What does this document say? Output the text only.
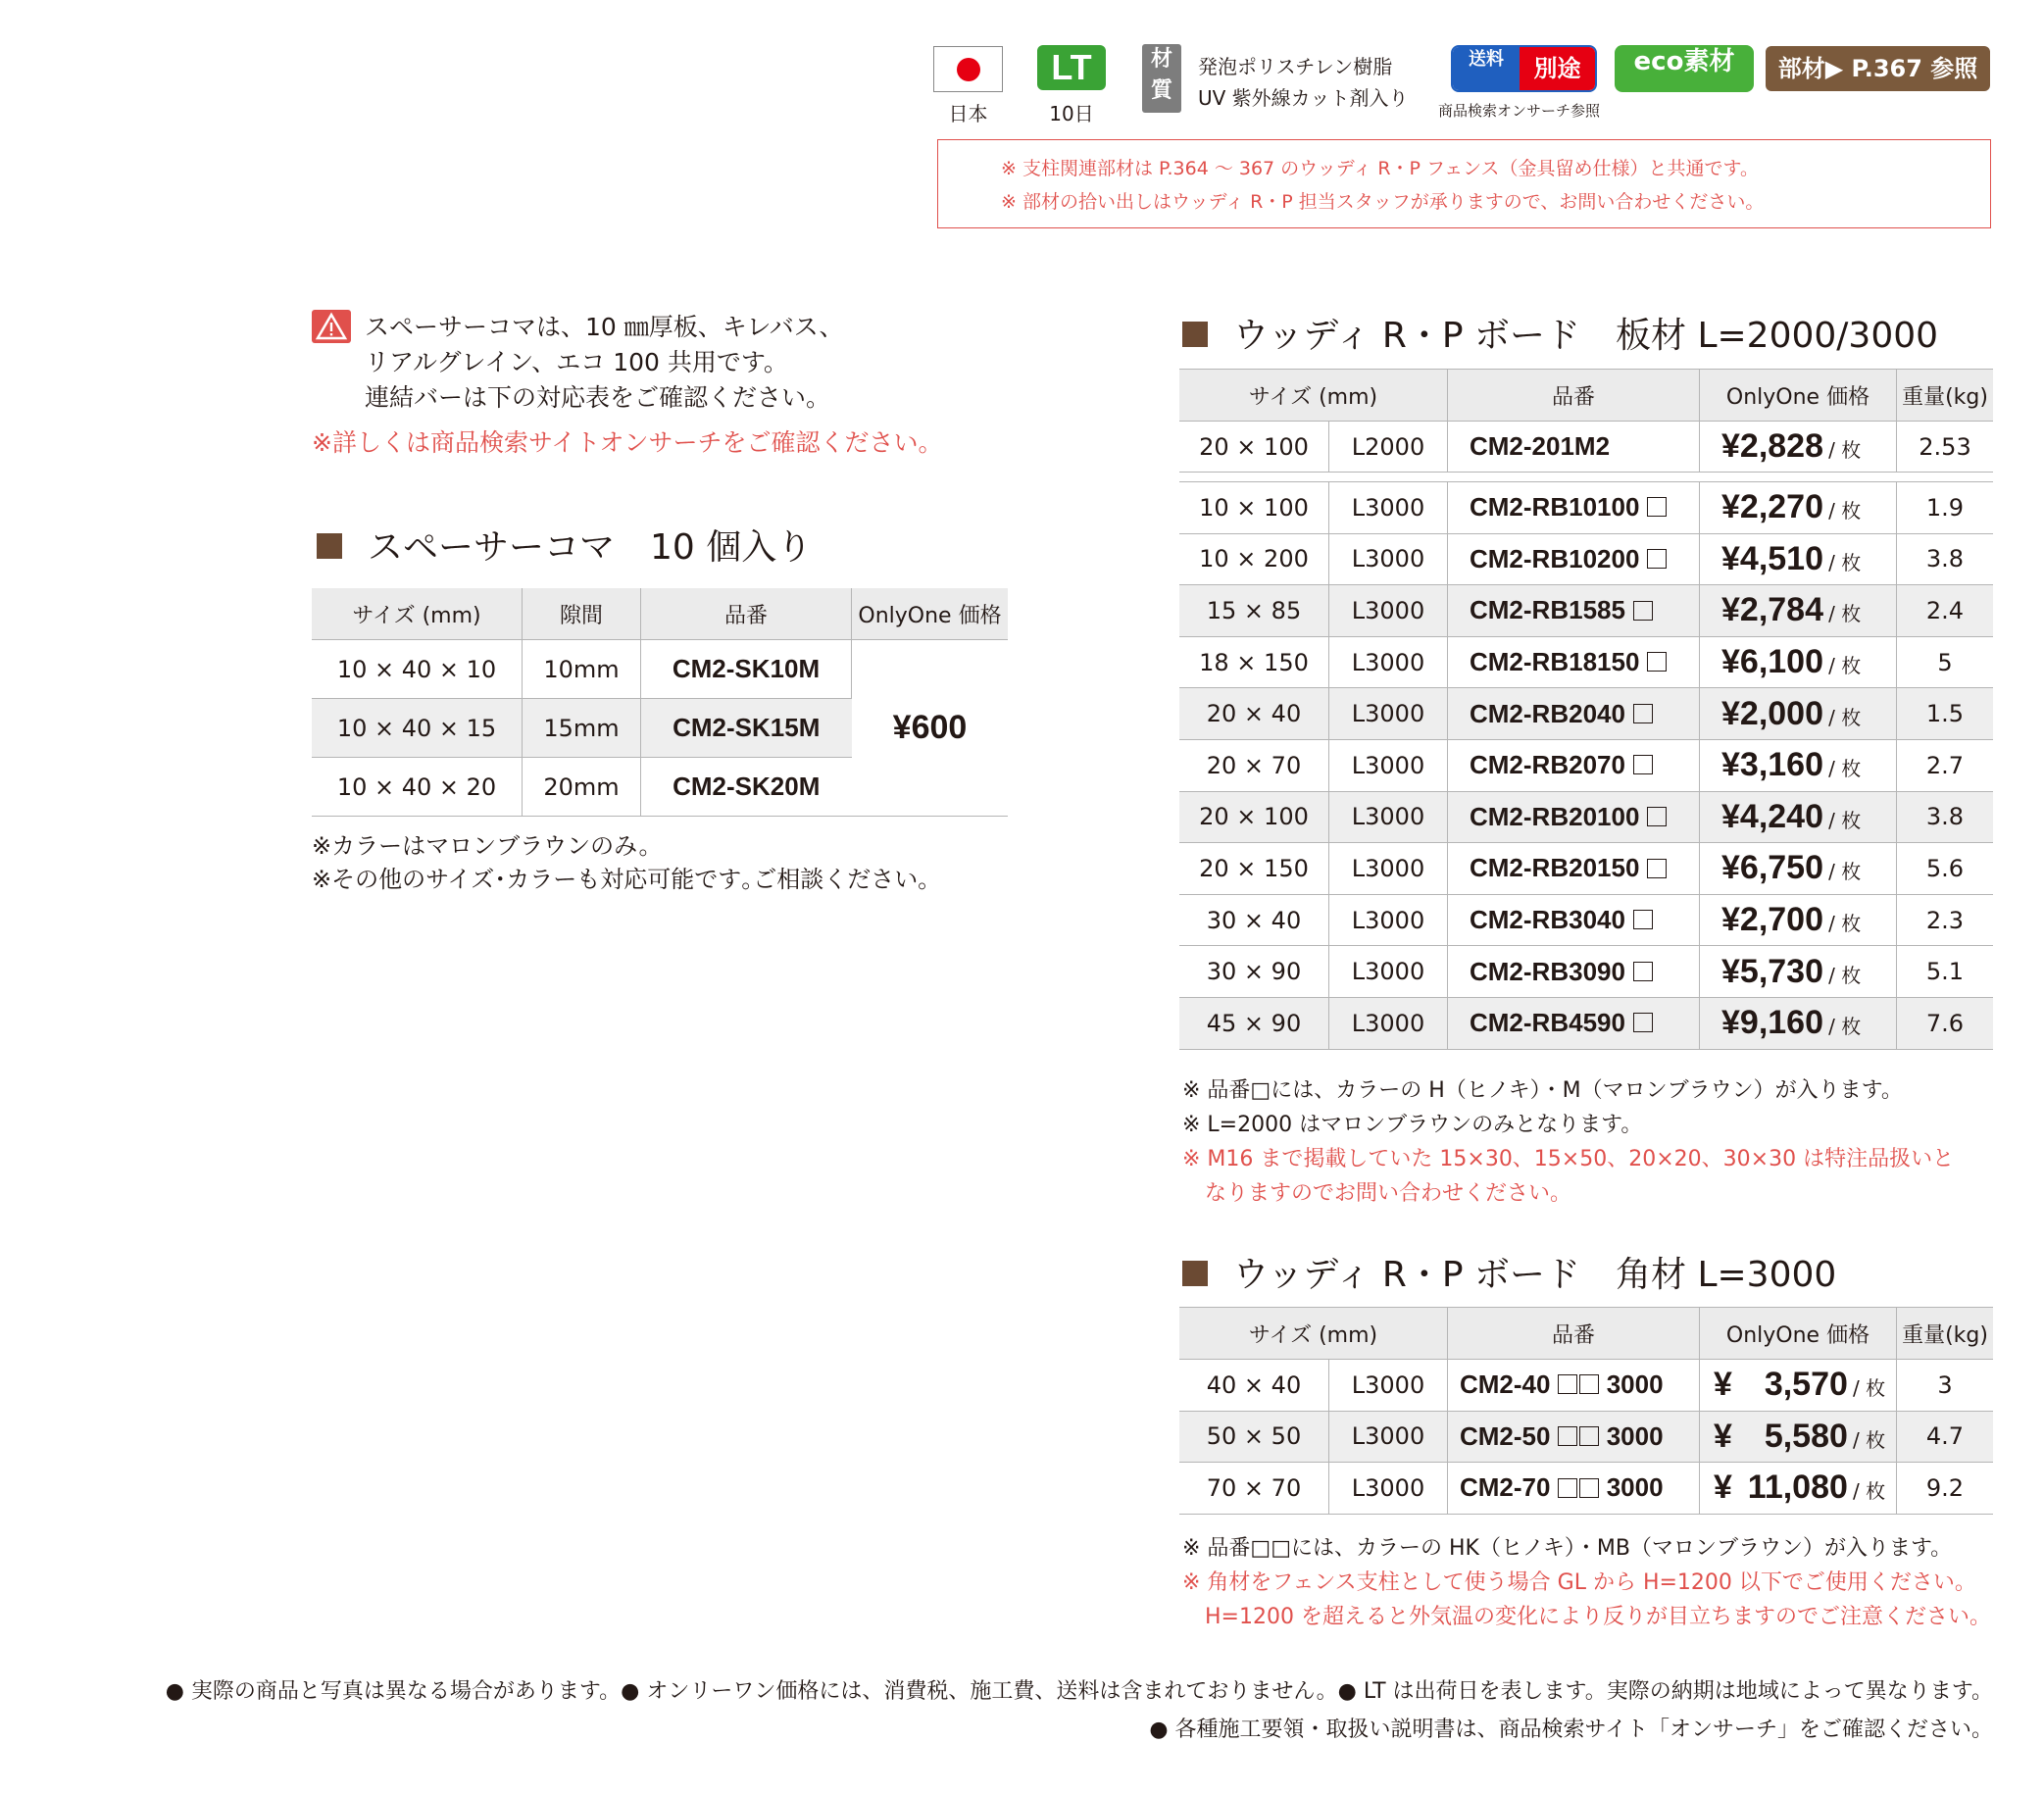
日本
LT
10日
材質
発泡ポリスチレン樹脂
UV 紫外線カット剤入り
送料	別途
商品検索オンサーチ参照
eco素材	部材▶ P.367 参照
※ 支柱関連部材は P.364 ～ 367 のウッディ R・P フェンス（金具留め仕様）と共通です。
※ 部材の拾い出しはウッディ R・P 担当スタッフが承りますので、お問い合わせください。
スペーサーコマは、10 ㎜厚板、キレバス、
リアルグレイン、エコ 100 共用です。
連結バーは下の対応表をご確認ください。
※詳しくは商品検索サイトオンサーチをご確認ください。
スペーサーコマ　10 個入り
サイズ (mm)	隙間	品番	OnlyOne 価格
10 × 40 × 10	10mm	CM2-SK10M	¥600
10 × 40 × 15	15mm	CM2-SK15M	
10 × 40 × 20	20mm	CM2-SK20M	
※カラーはマロンブラウンのみ。
※その他のサイズ･カラーも対応可能です｡ご相談ください。
ウッディ R・P ボード　板材 L=2000/3000
サイズ (mm)		品番	OnlyOne 価格	重量(kg)
20 × 100	L2000	CM2-201M2	¥2,828 / 枚	2.53
10 × 100	L3000	CM2-RB10100	¥2,270 / 枚	1.9
10 × 200	L3000	CM2-RB10200	¥4,510 / 枚	3.8
15 × 85	L3000	CM2-RB1585	¥2,784 / 枚	2.4
18 × 150	L3000	CM2-RB18150	¥6,100 / 枚	5
20 × 40	L3000	CM2-RB2040	¥2,000 / 枚	1.5
20 × 70	L3000	CM2-RB2070	¥3,160 / 枚	2.7
20 × 100	L3000	CM2-RB20100	¥4,240 / 枚	3.8
20 × 150	L3000	CM2-RB20150	¥6,750 / 枚	5.6
30 × 40	L3000	CM2-RB3040	¥2,700 / 枚	2.3
30 × 90	L3000	CM2-RB3090	¥5,730 / 枚	5.1
45 × 90	L3000	CM2-RB4590	¥9,160 / 枚	7.6
※ 品番□には、カラーの H（ヒノキ）・M（マロンブラウン）が入ります。
※ L=2000 はマロンブラウンのみとなります。
※ M16 まで掲載していた 15×30、15×50、20×20、30×30 は特注品扱いと
なりますのでお問い合わせください。
ウッディ R・P ボード　角材 L=3000
サイズ (mm)		品番	OnlyOne 価格	重量(kg)
40 × 40	L3000	CM2-40 3000	¥ 3,570 / 枚	3
50 × 50	L3000	CM2-50 3000	¥ 5,580 / 枚	4.7
70 × 70	L3000	CM2-70 3000	¥ 11,080 / 枚	9.2
※ 品番□□には、カラーの HK（ヒノキ）・MB（マロンブラウン）が入ります。
※ 角材をフェンス支柱として使う場合 GL から H=1200 以下でご使用ください。
H=1200 を超えると外気温の変化により反りが目立ちますのでご注意ください。
● 実際の商品と写真は異なる場合があります。● オンリーワン価格には、消費税、施工費、送料は含まれておりません。● LT は出荷日を表します。実際の納期は地域によって異なります。
● 各種施工要領・取扱い説明書は、商品検索サイト「オンサーチ」をご確認ください。
